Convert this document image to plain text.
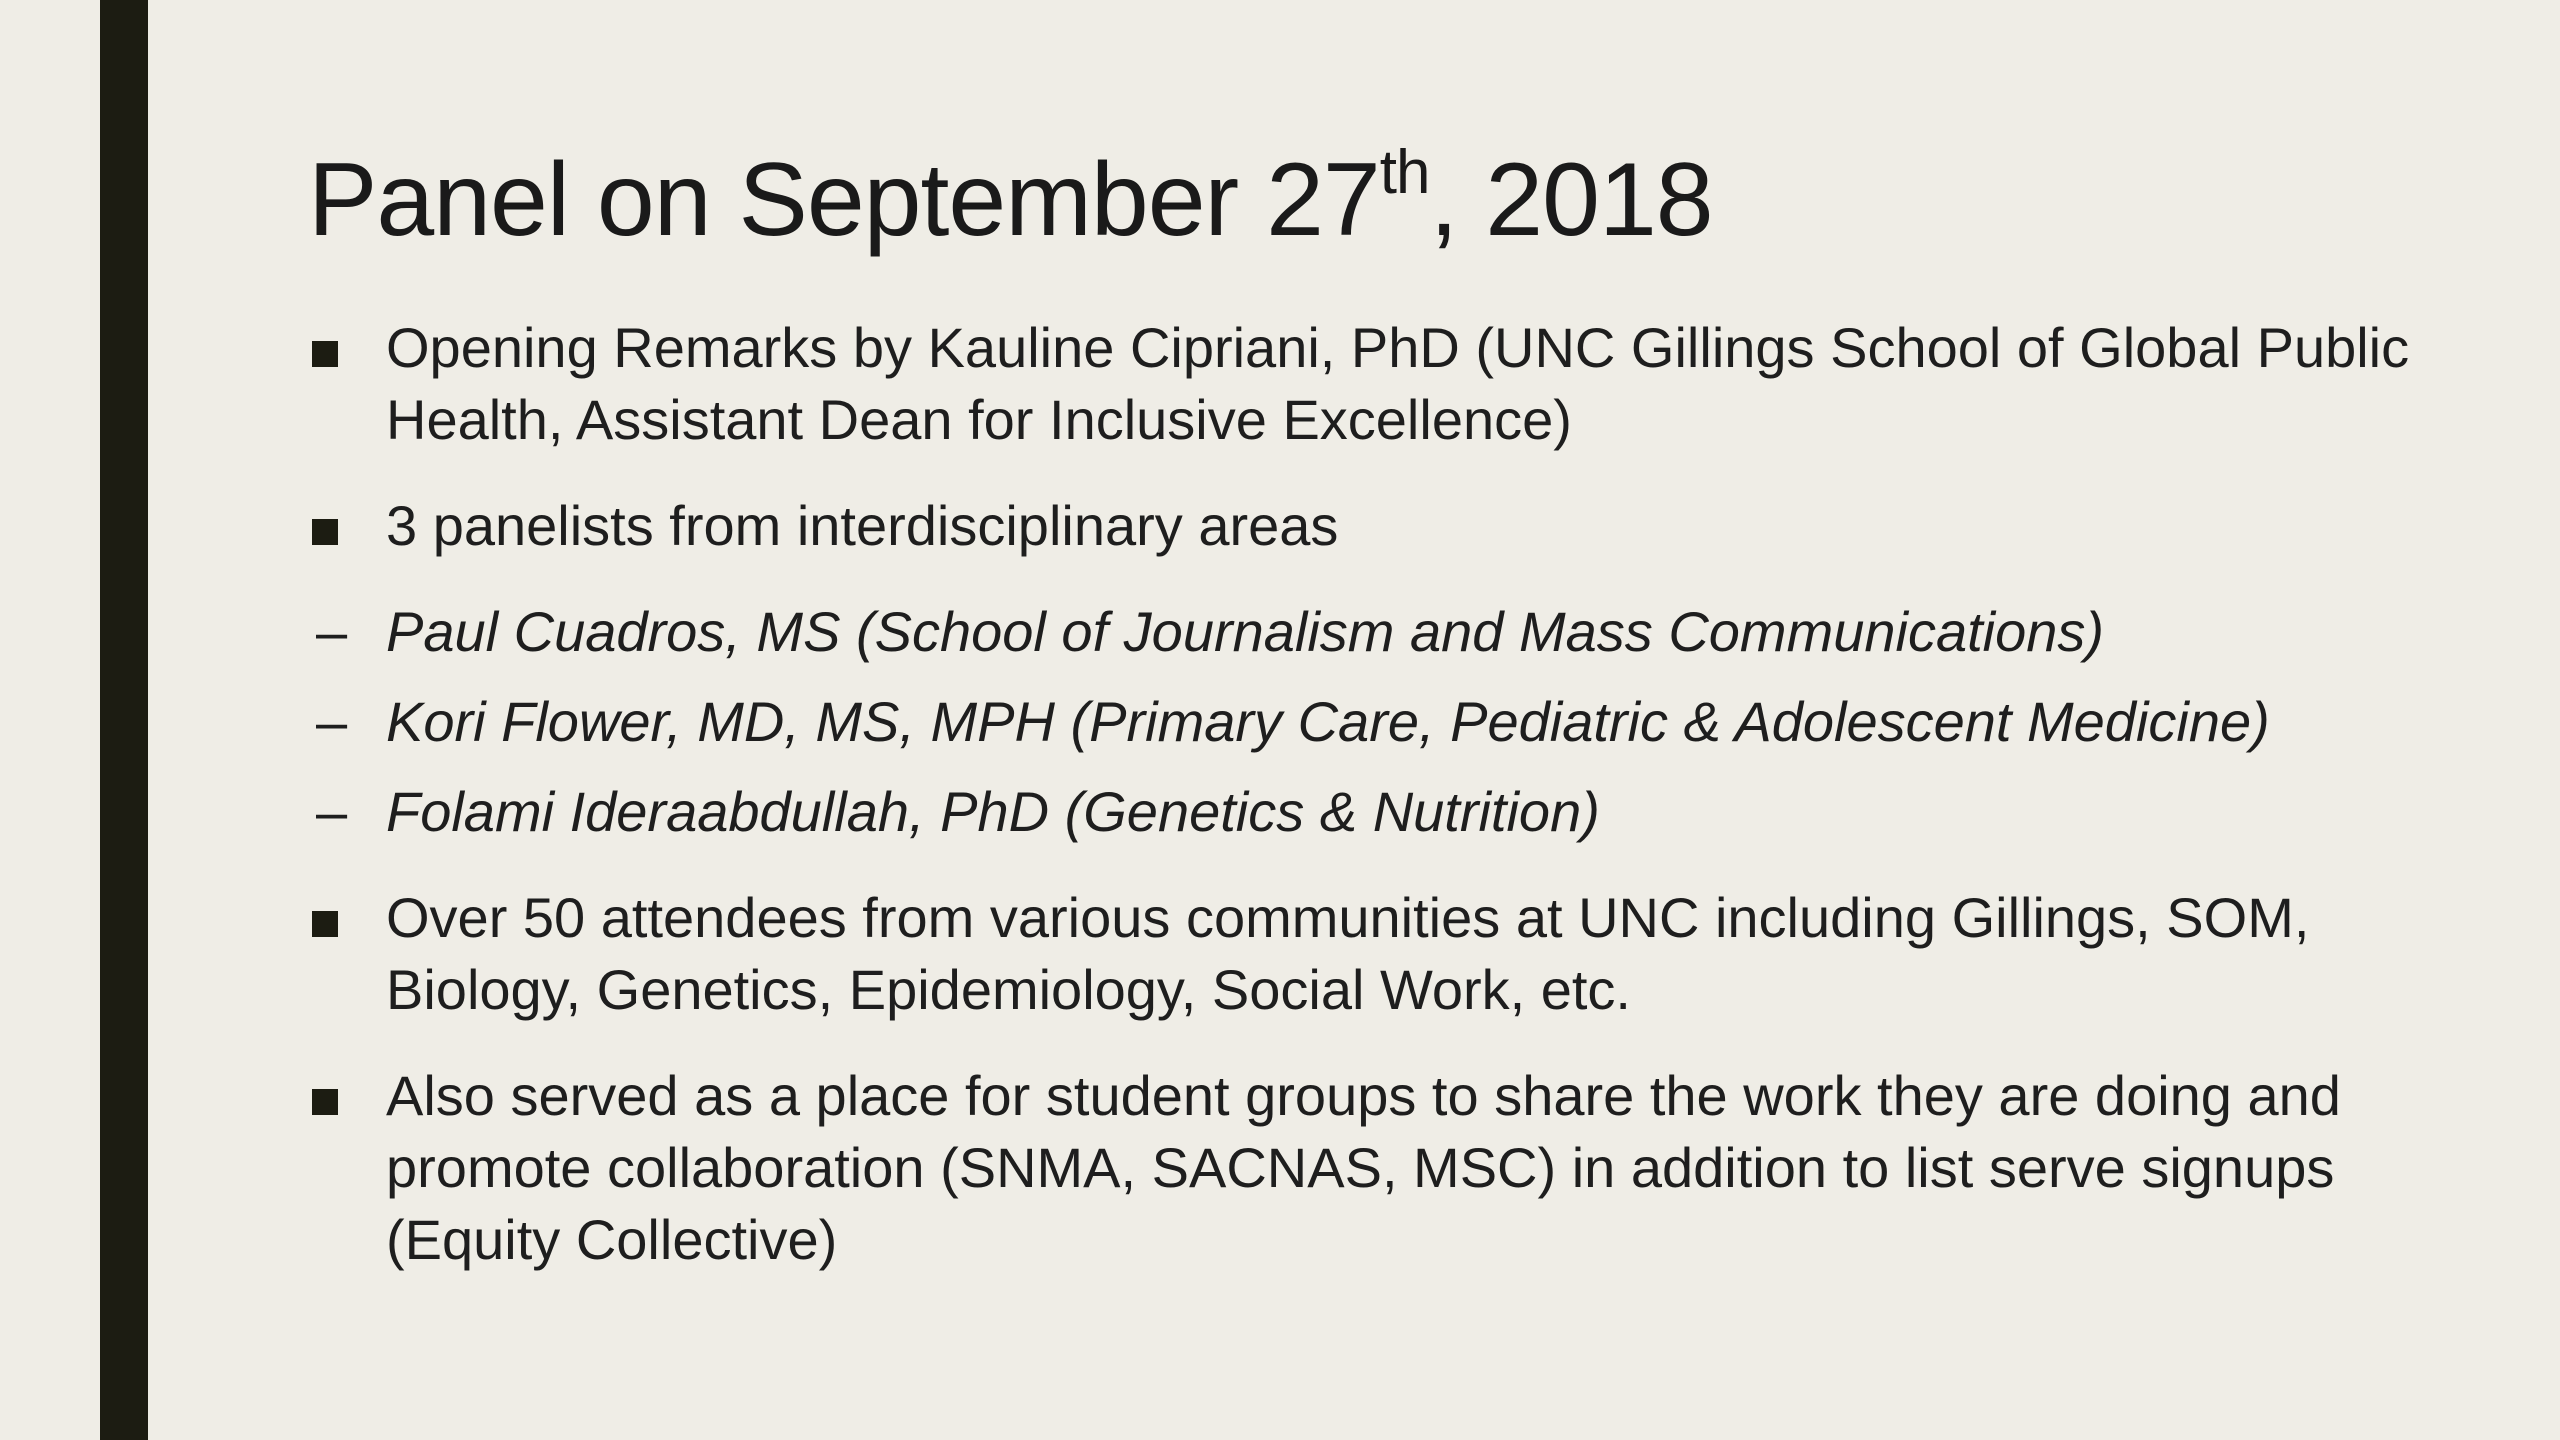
Panel on September 27th, 2018
Opening Remarks by Kauline Cipriani, PhD (UNC Gillings School of Global Public Health, Assistant Dean for Inclusive Excellence)
3 panelists from interdisciplinary areas
– Paul Cuadros, MS (School of Journalism and Mass Communications)
– Kori Flower, MD, MS, MPH (Primary Care, Pediatric & Adolescent Medicine)
– Folami Ideraabdullah, PhD (Genetics & Nutrition)
Over 50 attendees from various communities at UNC including Gillings, SOM, Biology, Genetics, Epidemiology, Social Work, etc.
Also served as a place for student groups to share the work they are doing and promote collaboration (SNMA, SACNAS, MSC) in addition to list serve signups (Equity Collective)
